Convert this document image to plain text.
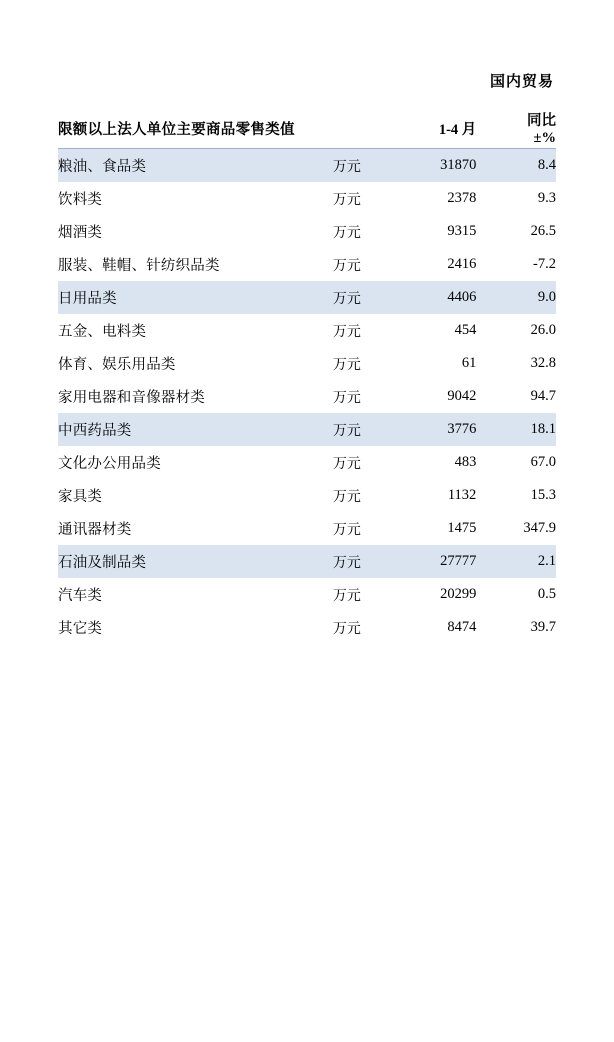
国内贸易
限额以上法人单位主要商品零售类值		1-4 月	同比
±%

粮油、食品类	万元	31870	8.4
饮料类	万元	2378	9.3
烟酒类	万元	9315	26.5
服装、鞋帽、针纺织品类	万元	2416	-7.2
日用品类	万元	4406	9.0
五金、电料类	万元	454	26.0
体育、娱乐用品类	万元	61	32.8
家用电器和音像器材类	万元	9042	94.7
中西药品类	万元	3776	18.1
文化办公用品类	万元	483	67.0
家具类	万元	1132	15.3
通讯器材类	万元	1475	347.9
石油及制品类	万元	27777	2.1
汽车类	万元	20299	0.5
其它类	万元	8474	39.7
